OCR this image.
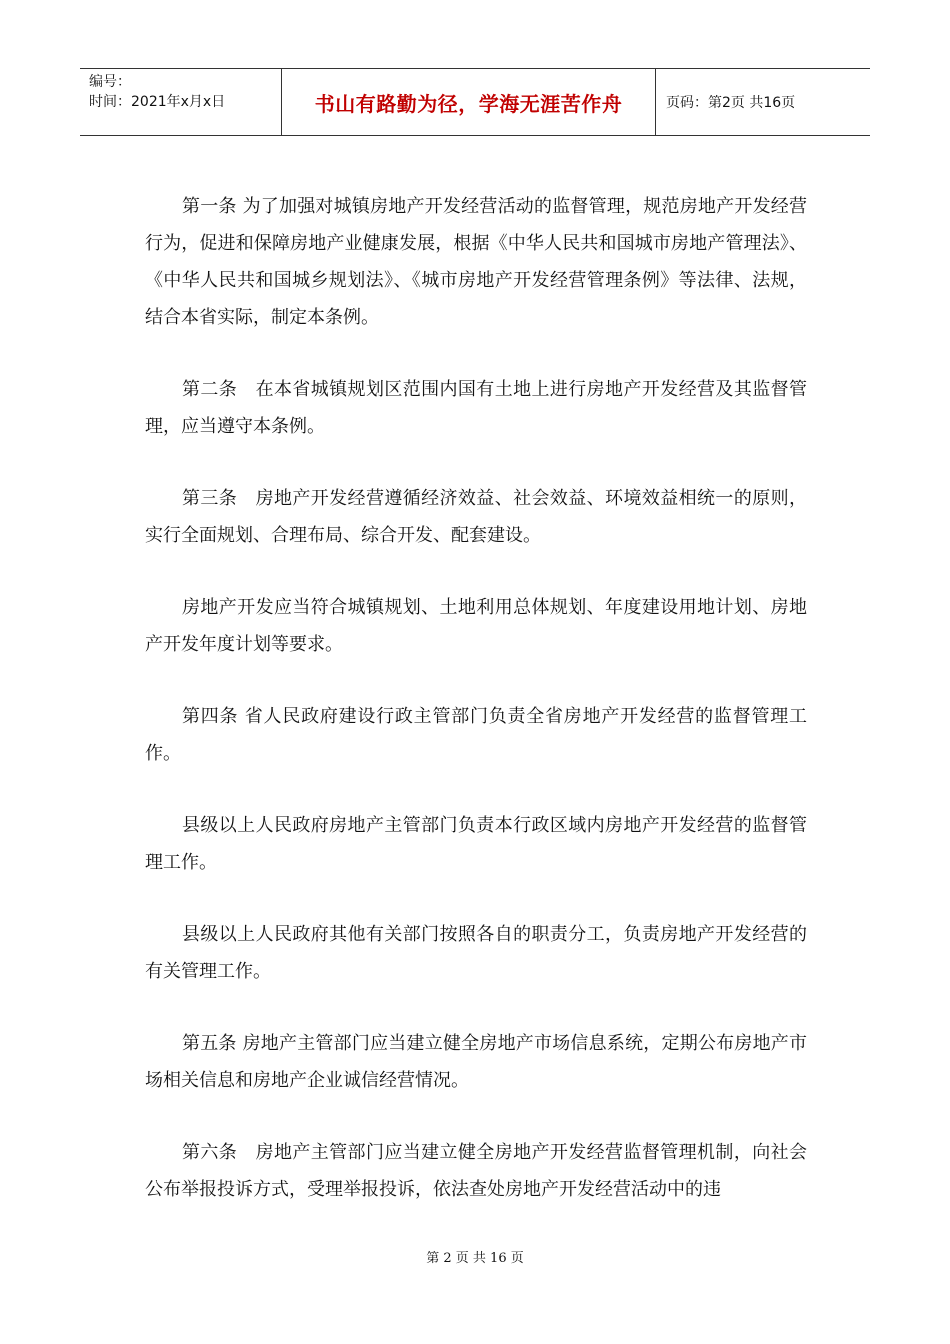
编号：
时间：2021年x月x日	书山有路勤为径，学海无涯苦作舟	页码：第2页 共16页

第一条 为了加强对城镇房地产开发经营活动的监督管理，规范房地产开发经营行为，促进和保障房地产业健康发展，根据《中华人民共和国城市房地产管理法》、《中华人民共和国城乡规划法》、《城市房地产开发经营管理条例》等法律、法规，结合本省实际，制定本条例。

第二条　在本省城镇规划区范围内国有土地上进行房地产开发经营及其监督管理，应当遵守本条例。

第三条　房地产开发经营遵循经济效益、社会效益、环境效益相统一的原则，实行全面规划、合理布局、综合开发、配套建设。

房地产开发应当符合城镇规划、土地利用总体规划、年度建设用地计划、房地产开发年度计划等要求。

第四条 省人民政府建设行政主管部门负责全省房地产开发经营的监督管理工作。

县级以上人民政府房地产主管部门负责本行政区域内房地产开发经营的监督管理工作。

县级以上人民政府其他有关部门按照各自的职责分工，负责房地产开发经营的有关管理工作。

第五条 房地产主管部门应当建立健全房地产市场信息系统，定期公布房地产市场相关信息和房地产企业诚信经营情况。

第六条　房地产主管部门应当建立健全房地产开发经营监督管理机制，向社会公布举报投诉方式，受理举报投诉，依法查处房地产开发经营活动中的违

第 2 页 共 16 页
